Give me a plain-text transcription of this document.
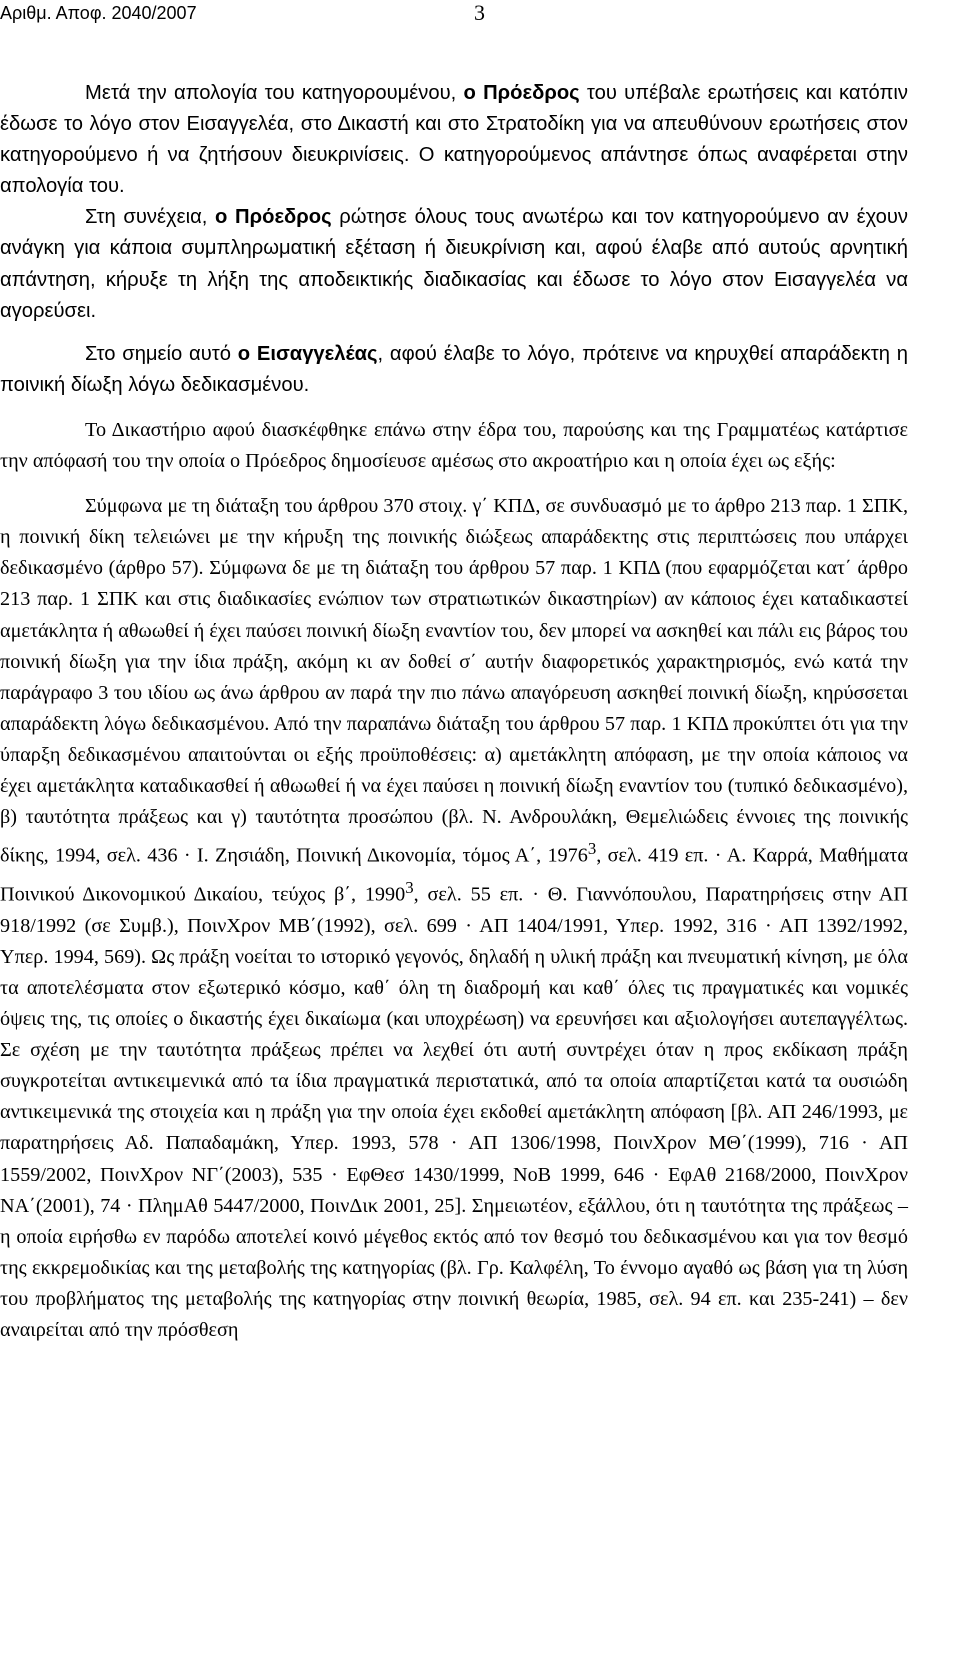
Αριθμ. Αποφ. 2040/2007	3

Μετά την απολογία του κατηγορουμένου, ο Πρόεδρος του υπέβαλε ερωτήσεις και κατόπιν έδωσε το λόγο στον Εισαγγελέα, στο Δικαστή και στο Στρατοδίκη για να απευθύνουν ερωτήσεις στον κατηγορούμενο ή να ζητήσουν διευκρινίσεις. Ο κατηγορούμενος απάντησε όπως αναφέρεται στην απολογία του.

Στη συνέχεια, ο Πρόεδρος ρώτησε όλους τους ανωτέρω και τον κατηγορούμενο αν έχουν ανάγκη για κάποια συμπληρωματική εξέταση ή διευκρίνιση και, αφού έλαβε από αυτούς αρνητική απάντηση, κήρυξε τη λήξη της αποδεικτικής διαδικασίας και έδωσε το λόγο στον Εισαγγελέα να αγορεύσει.

Στο σημείο αυτό ο Εισαγγελέας, αφού έλαβε το λόγο, πρότεινε να κηρυχθεί απαράδεκτη η ποινική δίωξη λόγω δεδικασμένου.

Το Δικαστήριο αφού διασκέφθηκε επάνω στην έδρα του, παρούσης και της Γραμματέως κατάρτισε την απόφασή του την οποία ο Πρόεδρος δημοσίευσε αμέσως στο ακροατήριο και η οποία έχει ως εξής:

Σύμφωνα με τη διάταξη του άρθρου 370 στοιχ. γ΄ ΚΠΔ, σε συνδυασμό με το άρθρο 213 παρ. 1 ΣΠΚ, η ποινική δίκη τελειώνει με την κήρυξη της ποινικής διώξεως απαράδεκτης στις περιπτώσεις που υπάρχει δεδικασμένο (άρθρο 57). Σύμφωνα δε με τη διάταξη του άρθρου 57 παρ. 1 ΚΠΔ (που εφαρμόζεται κατ΄ άρθρο 213 παρ. 1 ΣΠΚ και στις διαδικασίες ενώπιον των στρατιωτικών δικαστηρίων) αν κάποιος έχει καταδικαστεί αμετάκλητα ή αθωωθεί ή έχει παύσει ποινική δίωξη εναντίον του, δεν μπορεί να ασκηθεί και πάλι εις βάρος του ποινική δίωξη για την ίδια πράξη, ακόμη κι αν δοθεί σ΄ αυτήν διαφορετικός χαρακτηρισμός, ενώ κατά την παράγραφο 3 του ιδίου ως άνω άρθρου αν παρά την πιο πάνω απαγόρευση ασκηθεί ποινική δίωξη, κηρύσσεται απαράδεκτη λόγω δεδικασμένου. Από την παραπάνω διάταξη του άρθρου 57 παρ. 1 ΚΠΔ προκύπτει ότι για την ύπαρξη δεδικασμένου απαιτούνται οι εξής προϋποθέσεις: α) αμετάκλητη απόφαση, με την οποία κάποιος να έχει αμετάκλητα καταδικασθεί ή αθωωθεί ή να έχει παύσει η ποινική δίωξη εναντίον του (τυπικό δεδικασμένο), β) ταυτότητα πράξεως και γ) ταυτότητα προσώπου (βλ. Ν. Ανδρουλάκη, Θεμελιώδεις έννοιες της ποινικής δίκης, 1994, σελ. 436 · Ι. Ζησιάδη, Ποινική Δικονομία, τόμος Α΄, 1976$^3$, σελ. 419 επ. · Α. Καρρά, Μαθήματα Ποινικού Δικονομικού Δικαίου, τεύχος β΄, 1990$^3$, σελ. 55 επ. · Θ. Γιαννόπουλου, Παρατηρήσεις στην ΑΠ 918/1992 (σε Συμβ.), ΠοινΧρον ΜΒ΄(1992), σελ. 699 · ΑΠ 1404/1991, Υπερ. 1992, 316 · ΑΠ 1392/1992, Υπερ. 1994, 569). Ως πράξη νοείται το ιστορικό γεγονός, δηλαδή η υλική πράξη και πνευματική κίνηση, με όλα τα αποτελέσματα στον εξωτερικό κόσμο, καθ΄ όλη τη διαδρομή και καθ΄ όλες τις πραγματικές και νομικές όψεις της, τις οποίες ο δικαστής έχει δικαίωμα (και υποχρέωση) να ερευνήσει και αξιολογήσει αυτεπαγγέλτως. Σε σχέση με την ταυτότητα πράξεως πρέπει να λεχθεί ότι αυτή συντρέχει όταν η προς εκδίκαση πράξη συγκροτείται αντικειμενικά από τα ίδια πραγματικά περιστατικά, από τα οποία απαρτίζεται κατά τα ουσιώδη αντικειμενικά της στοιχεία και η πράξη για την οποία έχει εκδοθεί αμετάκλητη απόφαση [βλ. ΑΠ 246/1993, με παρατηρήσεις Αδ. Παπαδαμάκη, Υπερ. 1993, 578 · ΑΠ 1306/1998, ΠοινΧρον ΜΘ΄(1999), 716 · ΑΠ 1559/2002, ΠοινΧρον ΝΓ΄(2003), 535 · ΕφΘεσ 1430/1999, ΝοΒ 1999, 646 · ΕφΑθ 2168/2000, ΠοινΧρον ΝΑ΄(2001), 74 · ΠλημΑθ 5447/2000, ΠοινΔικ 2001, 25]. Σημειωτέον, εξάλλου, ότι η ταυτότητα της πράξεως – η οποία ειρήσθω εν παρόδω αποτελεί κοινό μέγεθος εκτός από τον θεσμό του δεδικασμένου και για τον θεσμό της εκκρεμοδικίας και της μεταβολής της κατηγορίας (βλ. Γρ. Καλφέλη, Το έννομο αγαθό ως βάση για τη λύση του προβλήματος της μεταβολής της κατηγορίας στην ποινική θεωρία, 1985, σελ. 94 επ. και 235-241) – δεν αναιρείται από την πρόσθεση
